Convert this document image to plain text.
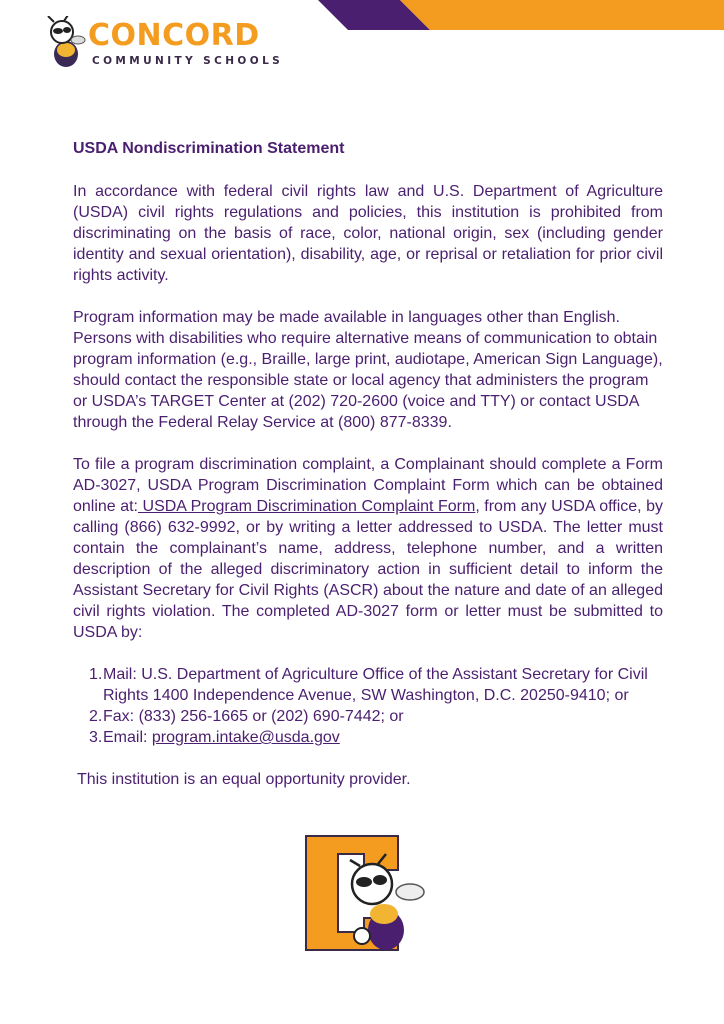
CONCORD
COMMUNITY SCHOOLS
USDA Nondiscrimination Statement

In accordance with federal civil rights law and U.S. Department of Agriculture (USDA) civil rights regulations and policies, this institution is prohibited from discriminating on the basis of race, color, national origin, sex (including gender identity and sexual orientation), disability, age, or reprisal or retaliation for prior civil rights activity.

Program information may be made available in languages other than English. Persons with disabilities who require alternative means of communication to obtain program information (e.g., Braille, large print, audiotape, American Sign Language), should contact the responsible state or local agency that administers the program or USDA’s TARGET Center at (202) 720-2600 (voice and TTY) or contact USDA through the Federal Relay Service at (800) 877-8339.

To file a program discrimination complaint, a Complainant should complete a Form AD-3027, USDA Program Discrimination Complaint Form which can be obtained online at: USDA Program Discrimination Complaint Form, from any USDA office, by calling (866) 632-9992, or by writing a letter addressed to USDA. The letter must contain the complainant’s name, address, telephone number, and a written description of the alleged discriminatory action in sufficient detail to inform the Assistant Secretary for Civil Rights (ASCR) about the nature and date of an alleged civil rights violation. The completed AD-3027 form or letter must be submitted to USDA by:

1. Mail: U.S. Department of Agriculture Office of the Assistant Secretary for Civil Rights 1400 Independence Avenue, SW Washington, D.C. 20250-9410; or
2. Fax: (833) 256-1665 or (202) 690-7442; or
3. Email: program.intake@usda.gov

This institution is an equal opportunity provider.
